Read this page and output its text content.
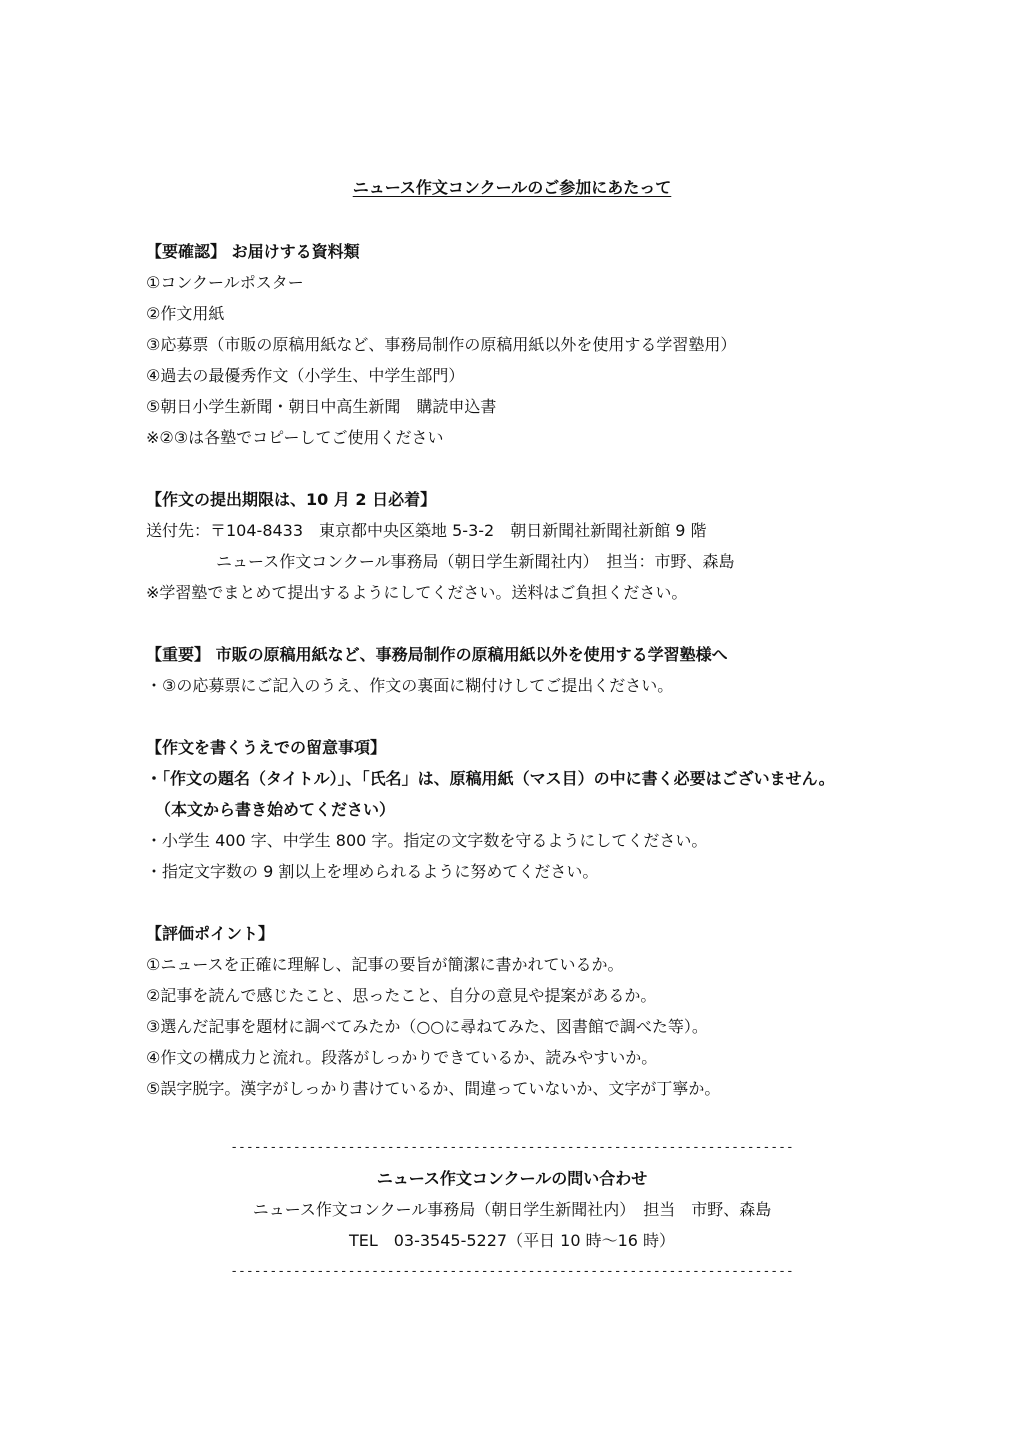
ニュース作文コンクールのご参加にあたって
【要確認】 お届けする資料類
①コンクールポスター
②作文用紙
③応募票（市販の原稿用紙など、事務局制作の原稿用紙以外を使用する学習塾用）
④過去の最優秀作文（小学生、中学生部門）
⑤朝日小学生新聞・朝日中高生新聞　購読申込書
※②③は各塾でコピーしてご使用ください
【作文の提出期限は、10 月 2 日必着】
送付先：〒104-8433　東京都中央区築地 5-3-2　朝日新聞社新聞社新館 9 階
ニュース作文コンクール事務局（朝日学生新聞社内）　担当：市野、森島
※学習塾でまとめて提出するようにしてください。送料はご負担ください。
【重要】 市販の原稿用紙など、事務局制作の原稿用紙以外を使用する学習塾様へ
・③の応募票にご記入のうえ、作文の裏面に糊付けしてご提出ください。
【作文を書くうえでの留意事項】
・「作文の題名（タイトル）」、「氏名」は、原稿用紙（マス目）の中に書く必要はございません。
（本文から書き始めてください）
・小学生 400 字、中学生 800 字。指定の文字数を守るようにしてください。
・指定文字数の 9 割以上を埋められるように努めてください。
【評価ポイント】
①ニュースを正確に理解し、記事の要旨が簡潔に書かれているか。
②記事を読んで感じたこと、思ったこと、自分の意見や提案があるか。
③選んだ記事を題材に調べてみたか（○○に尋ねてみた、図書館で調べた等）。
④作文の構成力と流れ。段落がしっかりできているか、読みやすいか。
⑤誤字脱字。漢字がしっかり書けているか、間違っていないか、文字が丁寧か。
------------------------------------------------------------------------
ニュース作文コンクールの問い合わせ
ニュース作文コンクール事務局（朝日学生新聞社内）　担当　市野、森島
TEL　03-3545-5227（平日 10 時～16 時）
------------------------------------------------------------------------
